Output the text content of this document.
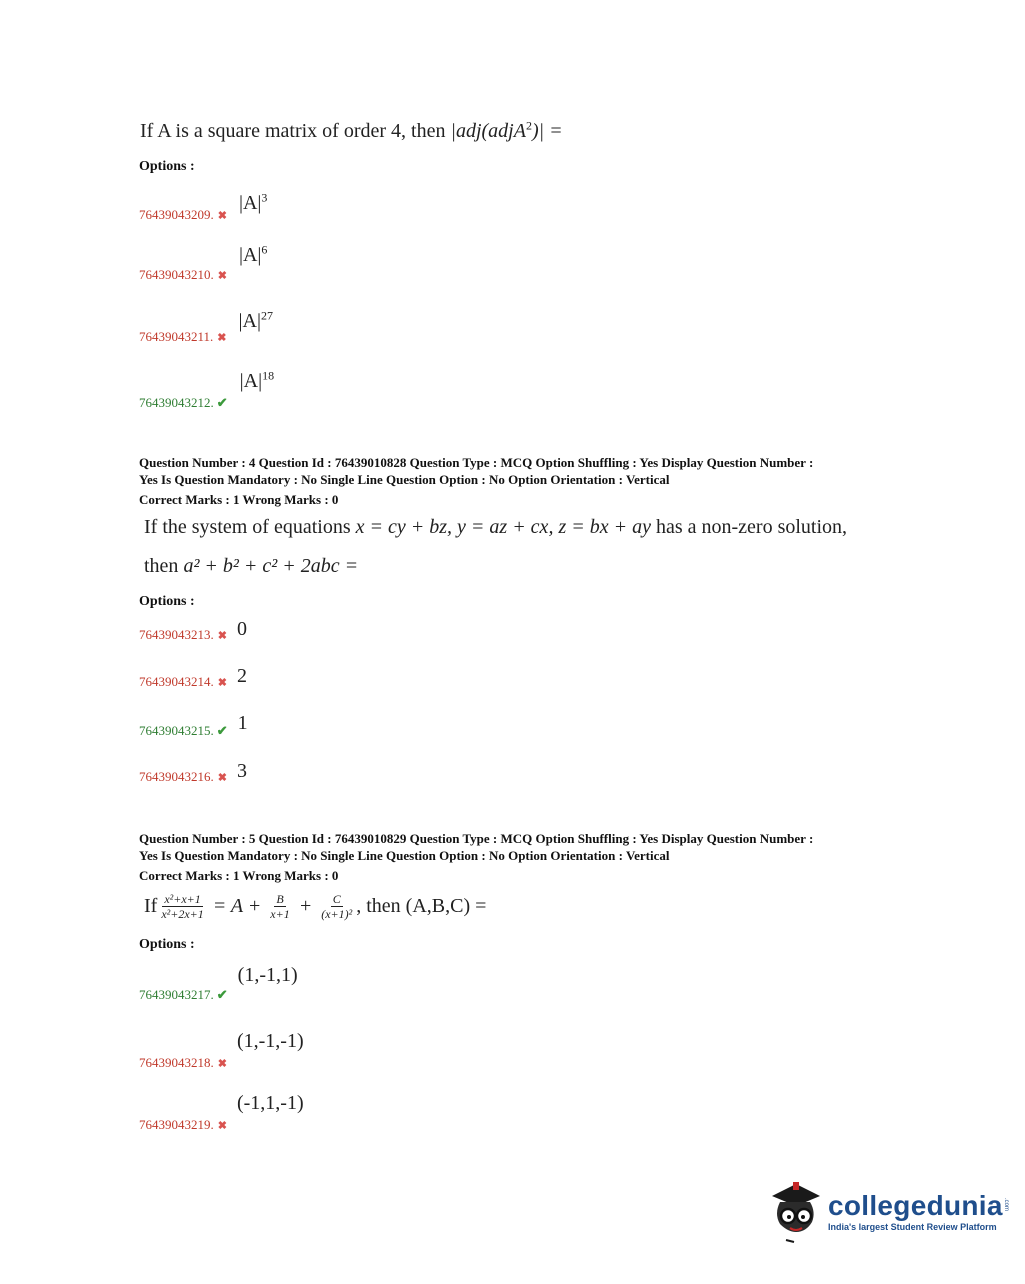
If A is a square matrix of order 4, then |adj(adjA$^2$)| =
Options :
$_{76439043209.}$ $_✖$ $|A|^3$
$_{76439043210.}$ $_✖$ $|A|^6$
$_{76439043211.}$ $_✖$ $|A|^{27}$
$_{76439043212.}$ $_✔$ $|A|^{18}$
Question Number : 4 Question Id : 76439010828 Question Type : MCQ Option Shuffling : Yes Display Question Number :
Yes Is Question Mandatory : No Single Line Question Option : No Option Orientation : Vertical
Correct Marks : 1 Wrong Marks : 0
If the system of equations x = cy + bz, y = az + cx, z = bx + ay has a non-zero solution,
then a² + b² + c² + 2abc =
Options :
$_{76439043213.}$ $_✖$ 0
$_{76439043214.}$ $_✖$ 2
$_{76439043215.}$ $_✔$ 1
$_{76439043216.}$ $_✖$ 3
Question Number : 5 Question Id : 76439010829 Question Type : MCQ Option Shuffling : Yes Display Question Number :
Yes Is Question Mandatory : No Single Line Question Option : No Option Orientation : Vertical
Correct Marks : 1 Wrong Marks : 0
If $\frac{\text{x²+x+1}}{\text{x²+2x+1}} = A + \frac{B}{x+1} + \frac{C}{\text{(x+1)²}}$ , then (A,B,C) =
Options :
$_{76439043217.}$ $_✔$ (1,-1,1)
$_{76439043218.}$ $_✖$ (1,-1,-1)
$_{76439043219.}$ $_✖$ (-1,1,-1)
collegedunia .com
India's largest Student Review Platform
